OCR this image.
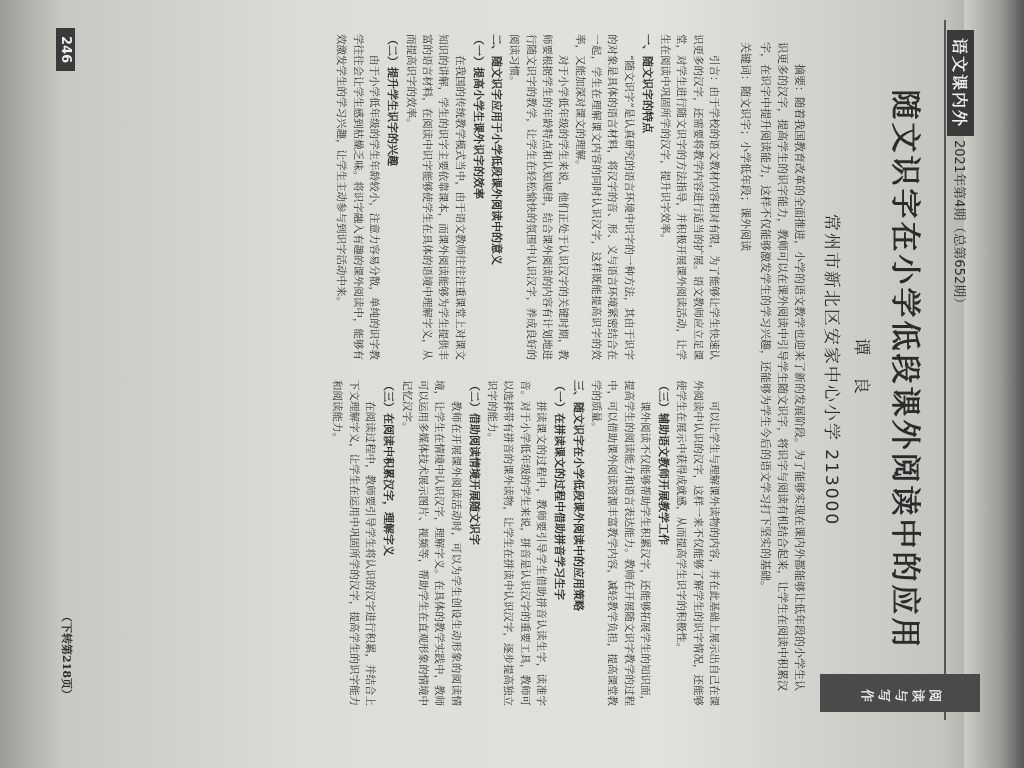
语文课内外
2021年第4期（总第652期）
阅读与写作
随文识字在小学低段课外阅读中的应用
谭 良
常州市新北区安家中心小学 213000
摘要：随着我国教育改革的全面推进，小学的语文教学也迎来了新的发展阶段。为了能够实现在课内外都能够让低年段的小学生认识更多的汉字，提高学生的识字能力，教师可以在课外阅读中引导学生随文识字，将识字与阅读有机结合起来，让学生在阅读中积累汉字，在识字中提升阅读能力，这样不仅能够激发学生的学习兴趣，还能够为学生今后的语文学习打下坚实的基础。
关键词：随文识字；小学低年段；课外阅读

引言：由于学校的语文教材内容相对有限，为了能够让学生快速认识更多的汉字，还需要将教学内容进行适当的扩展。语文教师应立足课堂，对学生进行随文识字的方法指导，并积极开展课外阅读活动，让学生在阅读中巩固所学的汉字，提升识字效率。

一、随文识字的特点

“随文识字”是认真研究的语言环境中识字的一种方法，其由于识字的对象是具体的语言材料，将汉字的音、形、义与语言环境紧密结合在一起，学生在理解课文内容的同时认识汉字，这样既能提高识字的效率，又能加深对课文的理解。

对于小学低年级的学生来说，他们正处于认识汉字的关键时期，教师要根据学生的年龄特点和认知规律，结合课外阅读的内容有计划地进行随文识字的教学，让学生在轻松愉快的氛围中认识汉字，养成良好的阅读习惯。

二、随文识字应用于小学低段课外阅读中的意义
（一）提高小学生课外识字的效率

在我国的传统教学模式当中，由于语文教师往往注重课堂上对课文知识的讲解，学生的识字主要依靠课本，而课外阅读能够为学生提供丰富的语言材料，在阅读中识字能够使学生在具体的语境中理解字义，从而提高识字的效率。

（二）提升学生识字的兴趣

由于小学低年级的学生年龄较小，注意力容易分散，单纯的识字教学往往会让学生感到枯燥乏味。将识字融入有趣的课外阅读中，能够有效激发学生的学习兴趣，让学生主动参与到识字活动中来。

可以让学生与理解课外读物的内容，并在此基础上展示出自己在课外阅读中认识的汉字，这样一来不仅能够了解学生的识字情况，还能够使学生在展示中获得成就感，从而提高学生识字的积极性。

（三）辅助语文教师开展教学工作

课外阅读不仅能够帮助学生积累汉字，还能够拓展学生的知识面，提高学生的阅读能力和语言表达能力。教师在开展随文识字教学的过程中，可以借助课外阅读资源丰富教学内容，减轻教学负担，提高课堂教学的质量。

三、随文识字在小学低段课外阅读中的应用策略
（一）在拼读课文的过程中借助拼音学习生字

拼读课文的过程中，教师要引导学生借助拼音认读生字，读准字音。对于小学低年级的学生来说，拼音是认识汉字的重要工具，教师可以选择带有拼音的课外读物，让学生在拼读中认识汉字，逐步提高独立识字的能力。

（二）借助阅读情境开展随文识字

教师在开展课外阅读活动时，可以为学生创设生动形象的阅读情境，让学生在情境中认识汉字，理解字义。在具体的教学实践中，教师可以运用多媒体技术展示图片、视频等，帮助学生在直观形象的情境中记忆汉字。

（三）在阅读中积累汉字，理解字义

在阅读过程中，教师要引导学生将认识的汉字进行积累，并结合上下文理解字义，让学生在运用中巩固所学的汉字，提高学生的识字能力和阅读能力。

246
（下转第218页）
